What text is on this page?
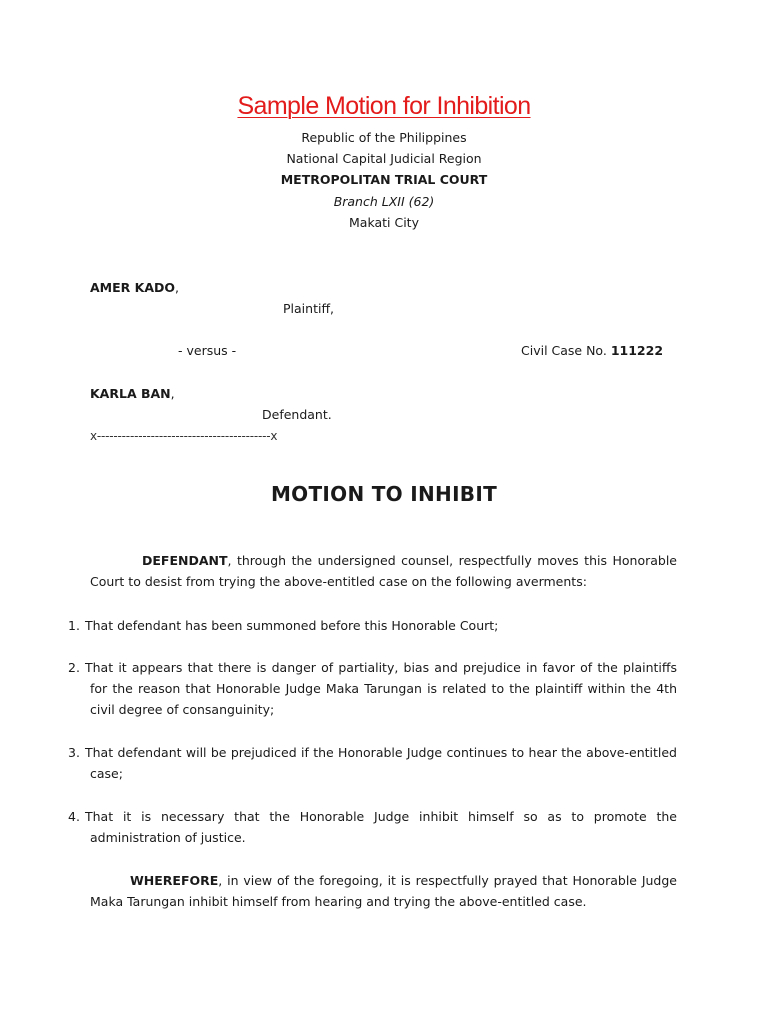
Sample Motion for Inhibition
Republic of the Philippines
National Capital Judicial Region
METROPOLITAN TRIAL COURT
Branch LXII (62)
Makati City
AMER KADO,
Plaintiff,
- versus -	Civil Case No. 111222
KARLA BAN,
Defendant.
x------------------------------------------x
MOTION TO INHIBIT
DEFENDANT, through the undersigned counsel, respectfully moves this Honorable Court to desist from trying the above-entitled case on the following averments:
1. That defendant has been summoned before this Honorable Court;
2. That it appears that there is danger of partiality, bias and prejudice in favor of the plaintiffs for the reason that Honorable Judge Maka Tarungan is related to the plaintiff within the 4th civil degree of consanguinity;
3. That defendant will be prejudiced if the Honorable Judge continues to hear the above-entitled case;
4. That it is necessary that the Honorable Judge inhibit himself so as to promote the administration of justice.
WHEREFORE, in view of the foregoing, it is respectfully prayed that Honorable Judge Maka Tarungan inhibit himself from hearing and trying the above-entitled case.
